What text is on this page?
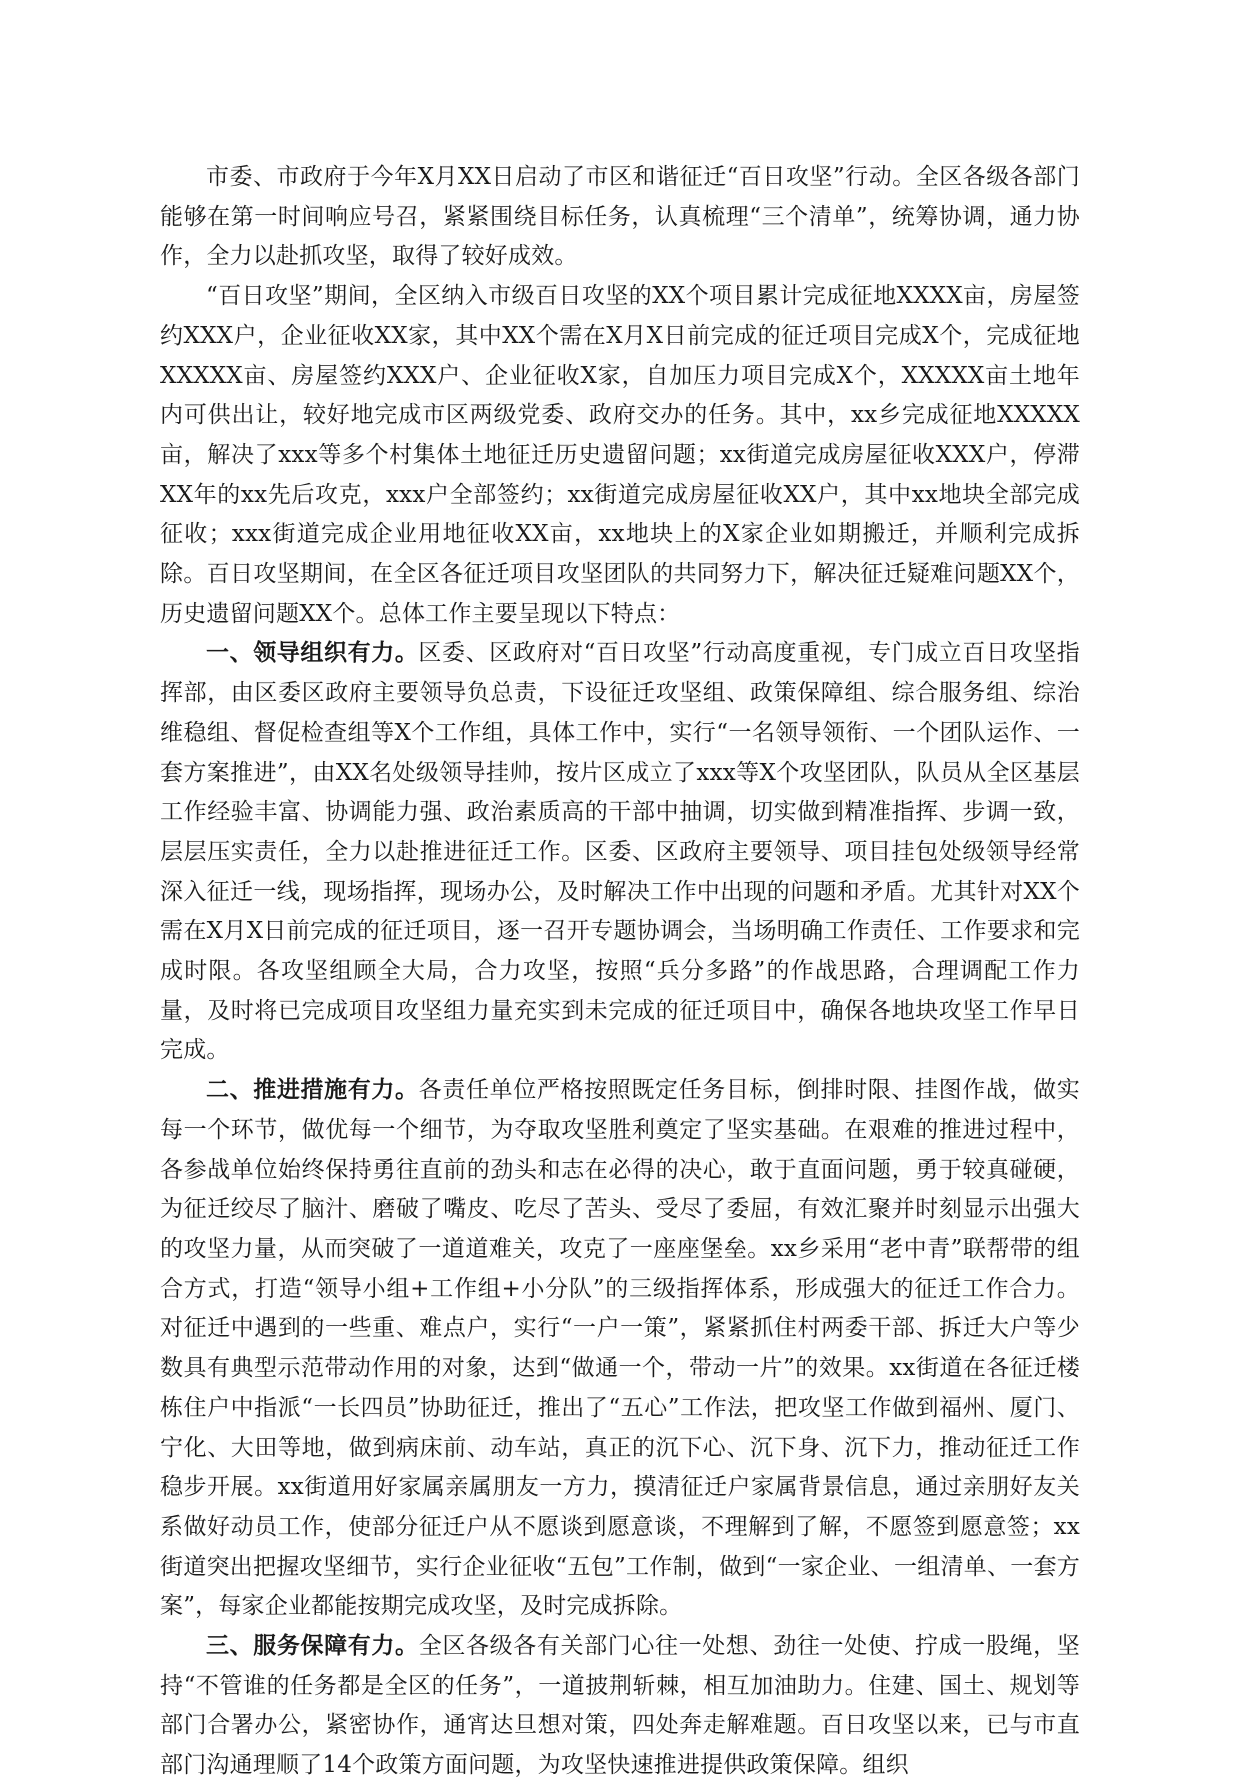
市委、市政府于今年X月XX日启动了市区和谐征迁“百日攻坚”行动。全区各级各部门能够在第一时间响应号召，紧紧围绕目标任务，认真梳理“三个清单”，统筹协调，通力协作，全力以赴抓攻坚，取得了较好成效。

“百日攻坚”期间，全区纳入市级百日攻坚的XX个项目累计完成征地XXXX亩，房屋签约XXX户，企业征收XX家，其中XX个需在X月X日前完成的征迁项目完成X个，完成征地XXXXX亩、房屋签约XXX户、企业征收X家，自加压力项目完成X个，XXXXX亩土地年内可供出让，较好地完成市区两级党委、政府交办的任务。其中，xx乡完成征地XXXXX亩，解决了xxx等多个村集体土地征迁历史遗留问题；xx街道完成房屋征收XXX户，停滞XX年的xx先后攻克，xxx户全部签约；xx街道完成房屋征收XX户，其中xx地块全部完成征收；xxx街道完成企业用地征收XX亩，xx地块上的X家企业如期搬迁，并顺利完成拆除。百日攻坚期间，在全区各征迁项目攻坚团队的共同努力下，解决征迁疑难问题XX个，历史遗留问题XX个。总体工作主要呈现以下特点：

一、领导组织有力。区委、区政府对“百日攻坚”行动高度重视，专门成立百日攻坚指挥部，由区委区政府主要领导负总责，下设征迁攻坚组、政策保障组、综合服务组、综治维稳组、督促检查组等X个工作组，具体工作中，实行“一名领导领衔、一个团队运作、一套方案推进”，由XX名处级领导挂帅，按片区成立了xxx等X个攻坚团队，队员从全区基层工作经验丰富、协调能力强、政治素质高的干部中抽调，切实做到精准指挥、步调一致，层层压实责任，全力以赴推进征迁工作。区委、区政府主要领导、项目挂包处级领导经常深入征迁一线，现场指挥，现场办公，及时解决工作中出现的问题和矛盾。尤其针对XX个需在X月X日前完成的征迁项目，逐一召开专题协调会，当场明确工作责任、工作要求和完成时限。各攻坚组顾全大局，合力攻坚，按照“兵分多路”的作战思路，合理调配工作力量，及时将已完成项目攻坚组力量充实到未完成的征迁项目中，确保各地块攻坚工作早日完成。

二、推进措施有力。各责任单位严格按照既定任务目标，倒排时限、挂图作战，做实每一个环节，做优每一个细节，为夺取攻坚胜利奠定了坚实基础。在艰难的推进过程中，各参战单位始终保持勇往直前的劲头和志在必得的决心，敢于直面问题，勇于较真碰硬，为征迁绞尽了脑汁、磨破了嘴皮、吃尽了苦头、受尽了委屈，有效汇聚并时刻显示出强大的攻坚力量，从而突破了一道道难关，攻克了一座座堡垒。xx乡采用“老中青”联帮带的组合方式，打造“领导小组+工作组+小分队”的三级指挥体系，形成强大的征迁工作合力。对征迁中遇到的一些重、难点户，实行“一户一策”，紧紧抓住村两委干部、拆迁大户等少数具有典型示范带动作用的对象，达到“做通一个，带动一片”的效果。xx街道在各征迁楼栋住户中指派“一长四员”协助征迁，推出了“五心”工作法，把攻坚工作做到福州、厦门、宁化、大田等地，做到病床前、动车站，真正的沉下心、沉下身、沉下力，推动征迁工作稳步开展。xx街道用好家属亲属朋友一方力，摸清征迁户家属背景信息，通过亲朋好友关系做好动员工作，使部分征迁户从不愿谈到愿意谈，不理解到了解，不愿签到愿意签；xx街道突出把握攻坚细节，实行企业征收“五包”工作制，做到“一家企业、一组清单、一套方案”，每家企业都能按期完成攻坚，及时完成拆除。

三、服务保障有力。全区各级各有关部门心往一处想、劲往一处使、拧成一股绳，坚持“不管谁的任务都是全区的任务”，一道披荆斩棘，相互加油助力。住建、国土、规划等部门合署办公，紧密协作，通宵达旦想对策，四处奔走解难题。百日攻坚以来，已与市直部门沟通理顺了14个政策方面问题，为攻坚快速推进提供政策保障。组织
